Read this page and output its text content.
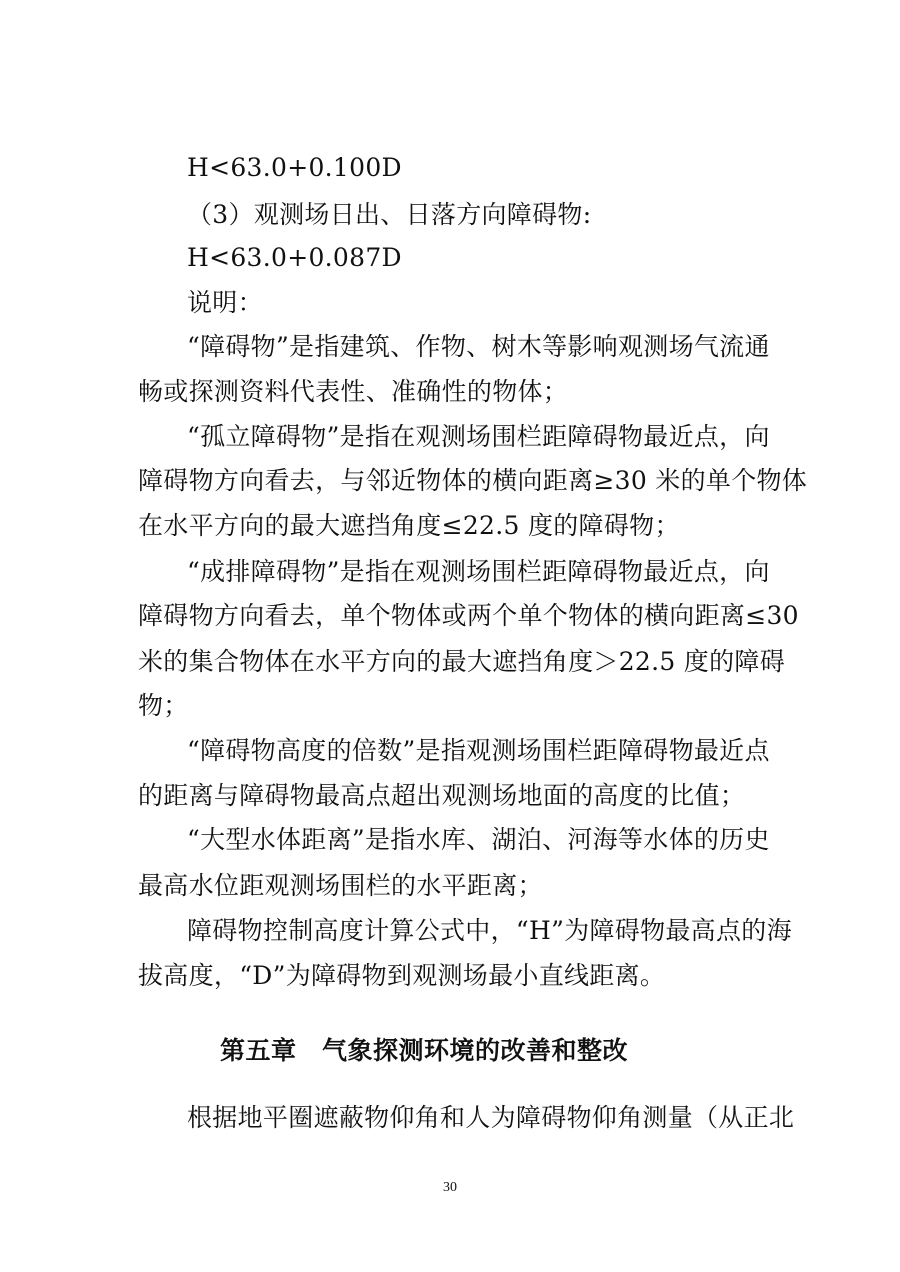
H<63.0+0.100D
（3）观测场日出、日落方向障碍物:
H<63.0+0.087D
说明：
“障碍物”是指建筑、作物、树木等影响观测场气流通
畅或探测资料代表性、准确性的物体；
“孤立障碍物”是指在观测场围栏距障碍物最近点，向
障碍物方向看去，与邻近物体的横向距离≥30 米的单个物体
在水平方向的最大遮挡角度≤22.5 度的障碍物；
“成排障碍物”是指在观测场围栏距障碍物最近点，向
障碍物方向看去，单个物体或两个单个物体的横向距离≤30
米的集合物体在水平方向的最大遮挡角度＞22.5 度的障碍
物；
“障碍物高度的倍数”是指观测场围栏距障碍物最近点
的距离与障碍物最高点超出观测场地面的高度的比值；
“大型水体距离”是指水库、湖泊、河海等水体的历史
最高水位距观测场围栏的水平距离；
障碍物控制高度计算公式中，“H”为障碍物最高点的海
拔高度，“D”为障碍物到观测场最小直线距离。
第五章　气象探测环境的改善和整改
根据地平圈遮蔽物仰角和人为障碍物仰角测量（从正北
30
